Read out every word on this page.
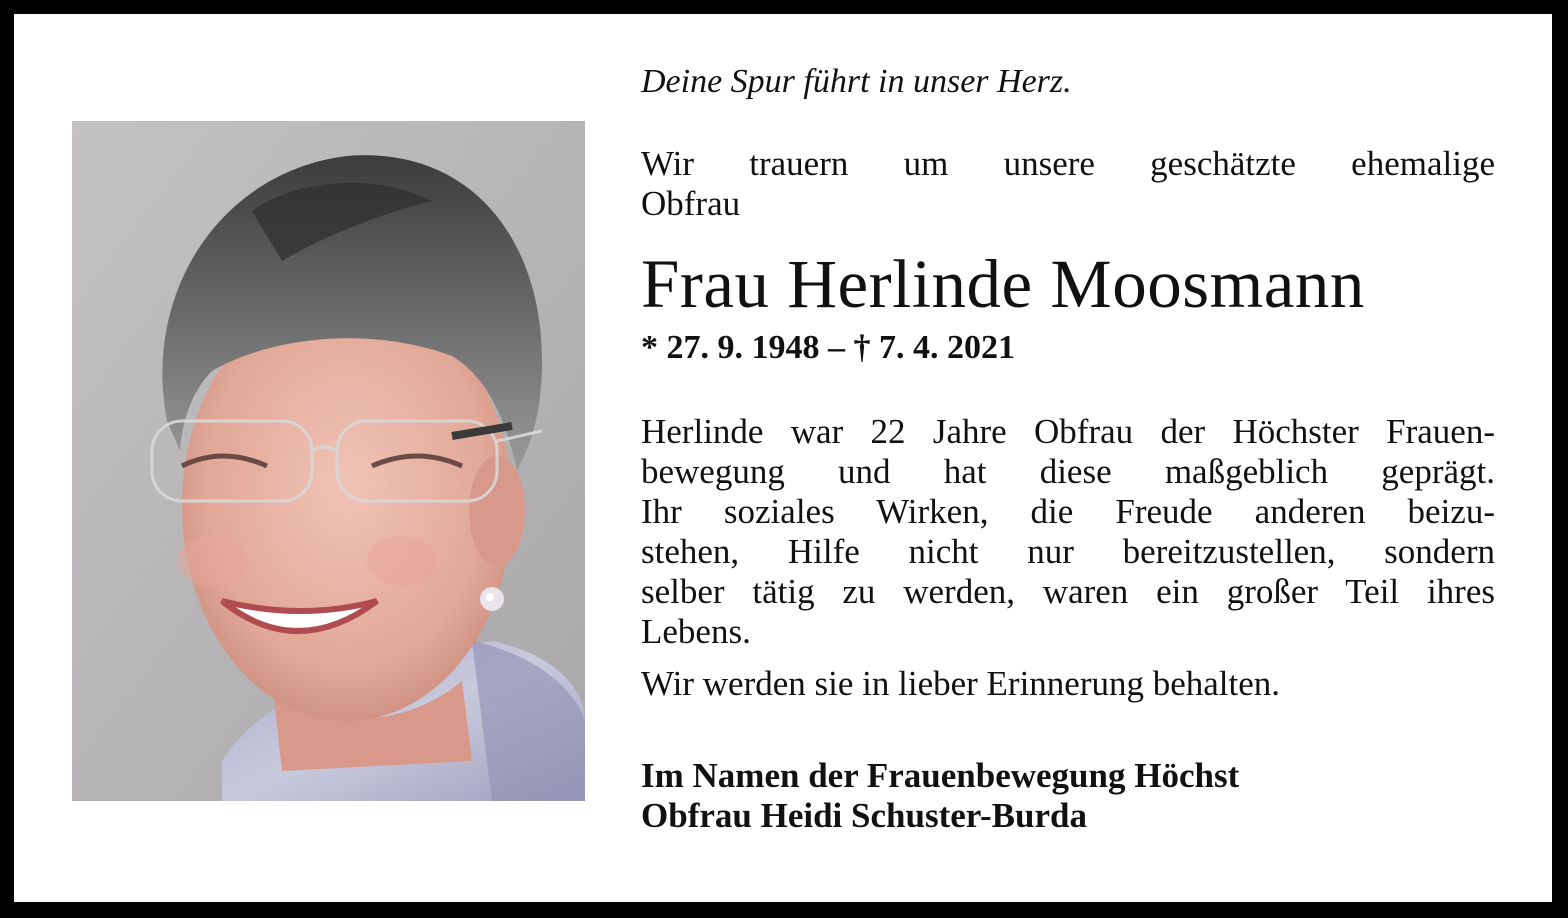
Deine Spur führt in unser Herz.

Wir trauern um unsere geschätzte ehemalige
Obfrau

Frau Herlinde Moosmann

* 27. 9. 1948 – † 7. 4. 2021

Herlinde war 22 Jahre Obfrau der Höchster Frauen-
bewegung und hat diese maßgeblich geprägt.
Ihr soziales Wirken, die Freude anderen beizu-
stehen, Hilfe nicht nur bereitzustellen, sondern
selber tätig zu werden, waren ein großer Teil ihres
Lebens.

Wir werden sie in lieber Erinnerung behalten.

Im Namen der Frauenbewegung Höchst
Obfrau Heidi Schuster-Burda
